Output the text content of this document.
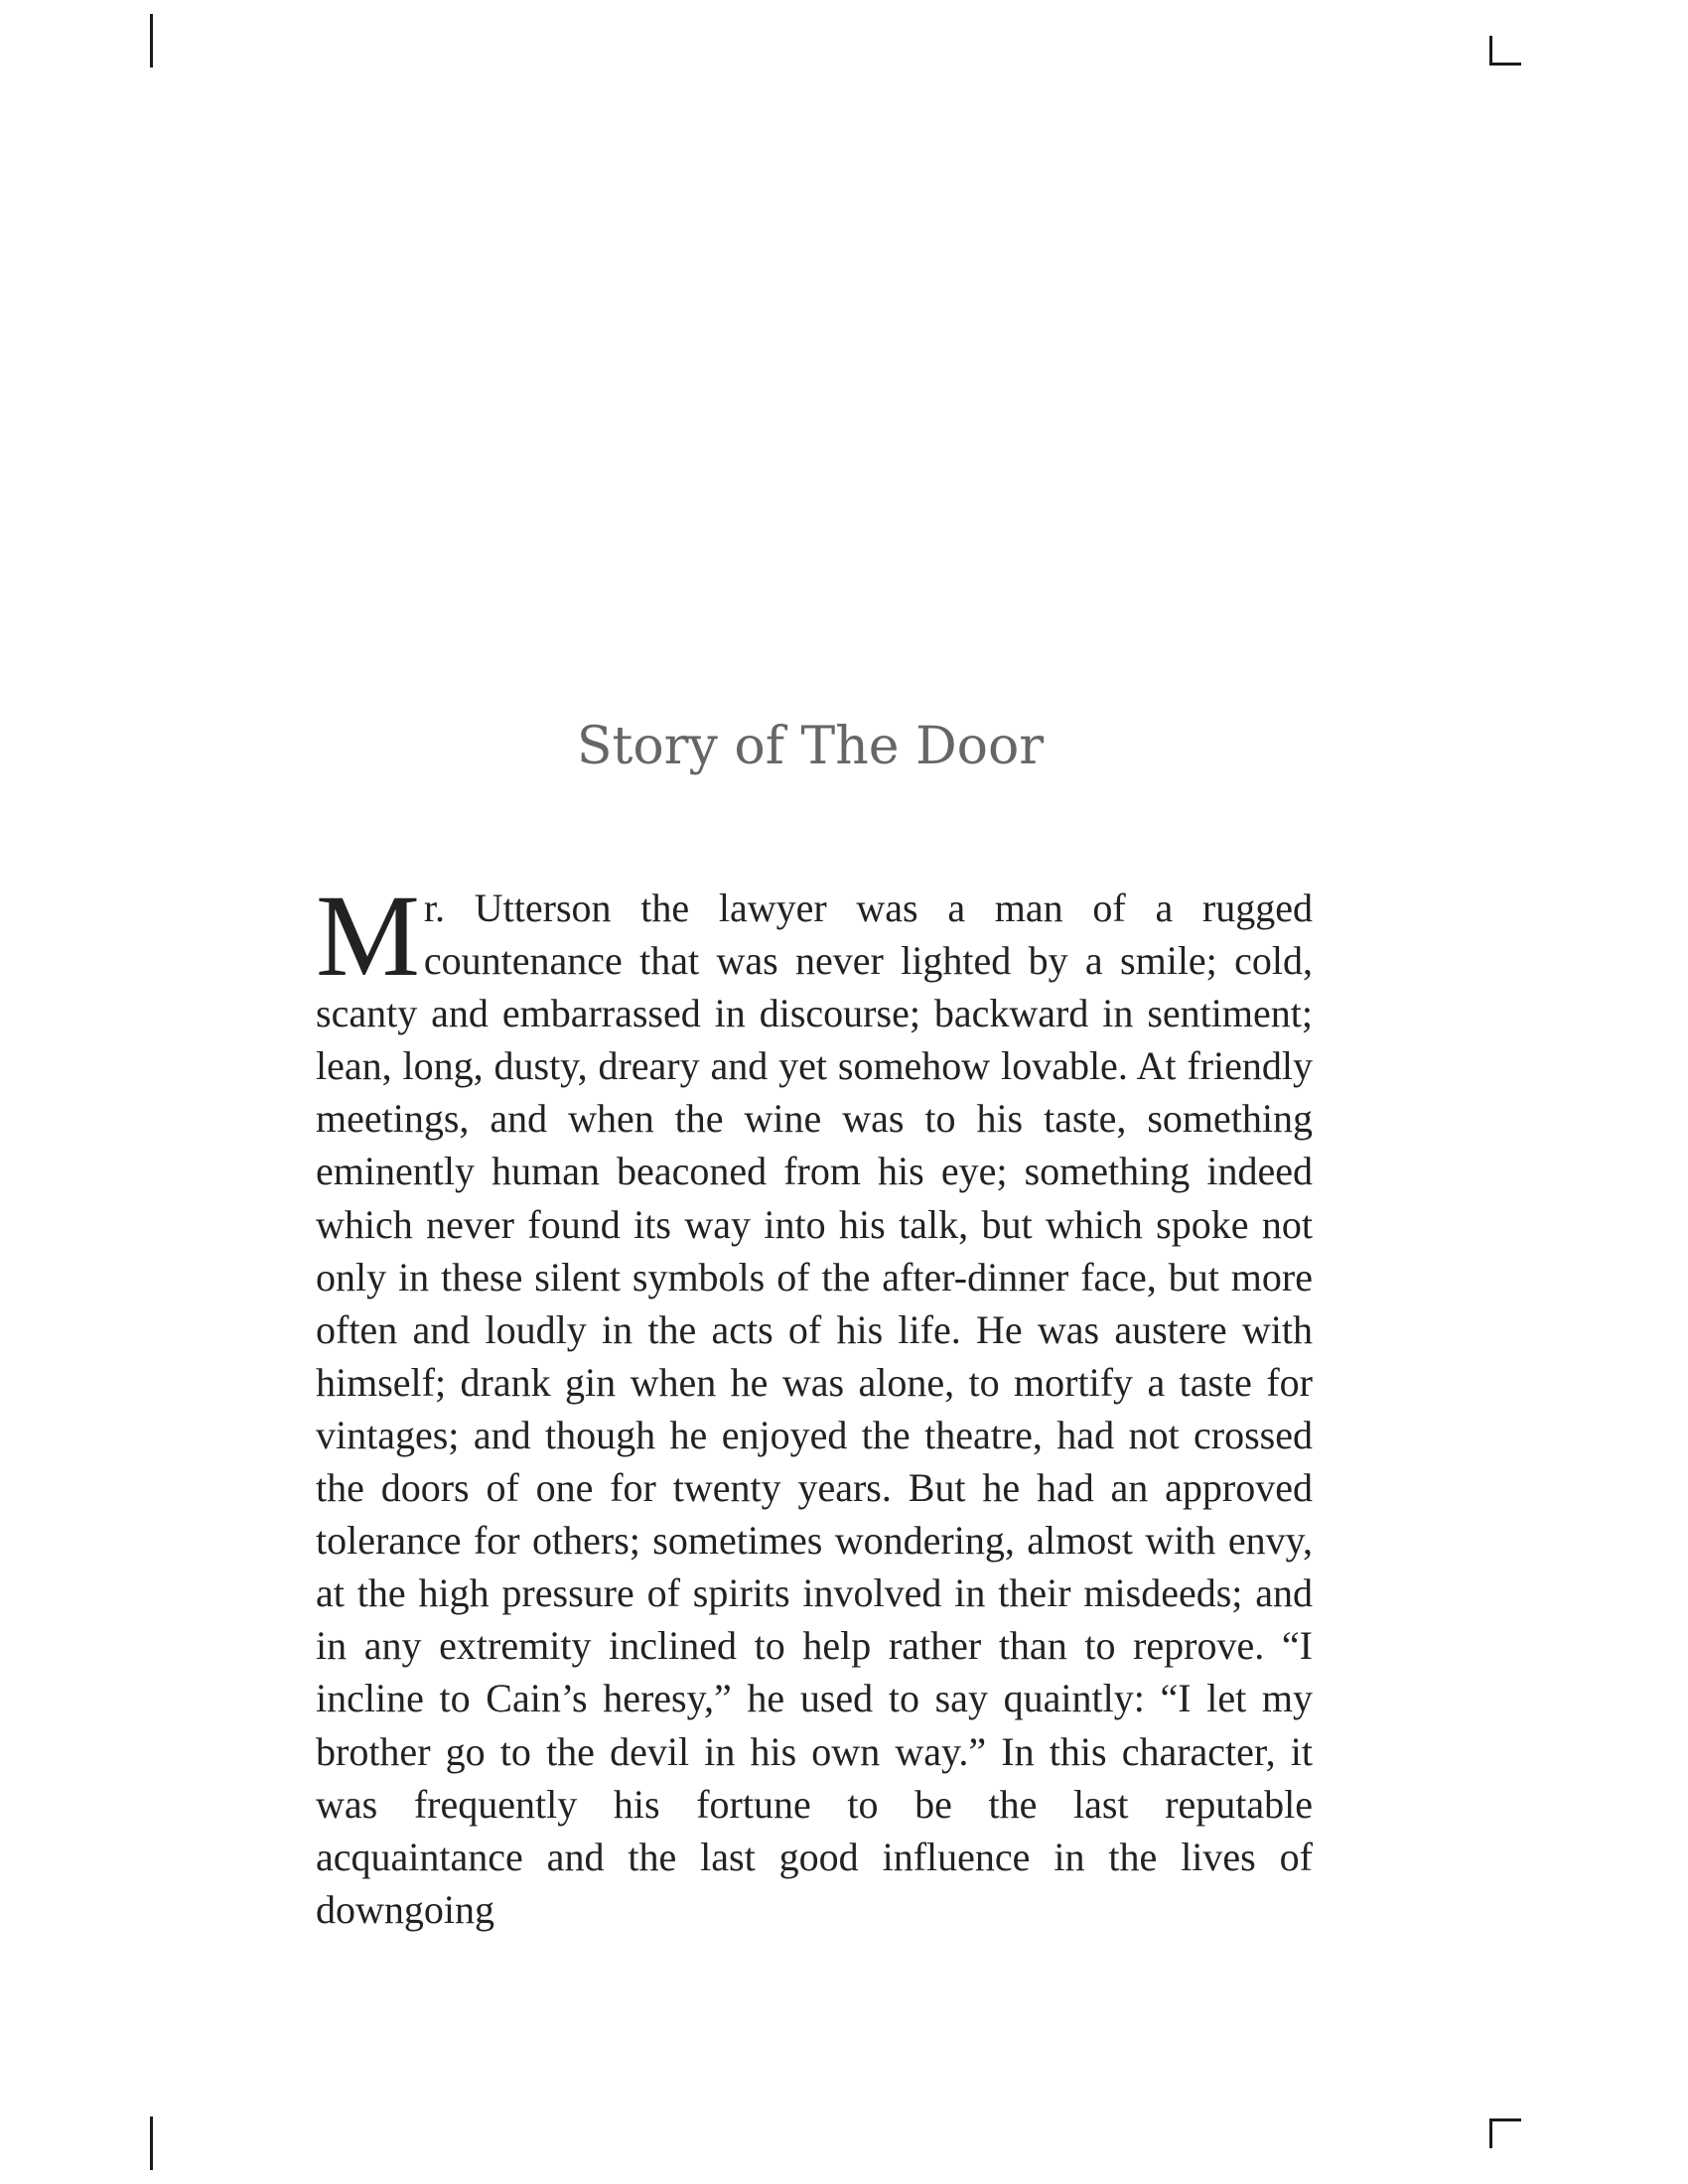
Story of The Door

Mr. Utterson the lawyer was a man of a rugged countenance that was never lighted by a smile; cold, scanty and embarrassed in discourse; backward in sentiment; lean, long, dusty, dreary and yet somehow lovable. At friendly meetings, and when the wine was to his taste, something eminently human beaconed from his eye; something indeed which never found its way into his talk, but which spoke not only in these silent symbols of the after-dinner face, but more often and loudly in the acts of his life. He was austere with himself; drank gin when he was alone, to mortify a taste for vintages; and though he enjoyed the theatre, had not crossed the doors of one for twenty years. But he had an approved tolerance for others; sometimes wondering, almost with envy, at the high pressure of spirits involved in their misdeeds; and in any extremity inclined to help rather than to reprove. “I incline to Cain’s heresy,” he used to say quaintly: “I let my brother go to the devil in his own way.” In this character, it was frequently his fortune to be the last reputable acquaintance and the last good influence in the lives of downgoing
